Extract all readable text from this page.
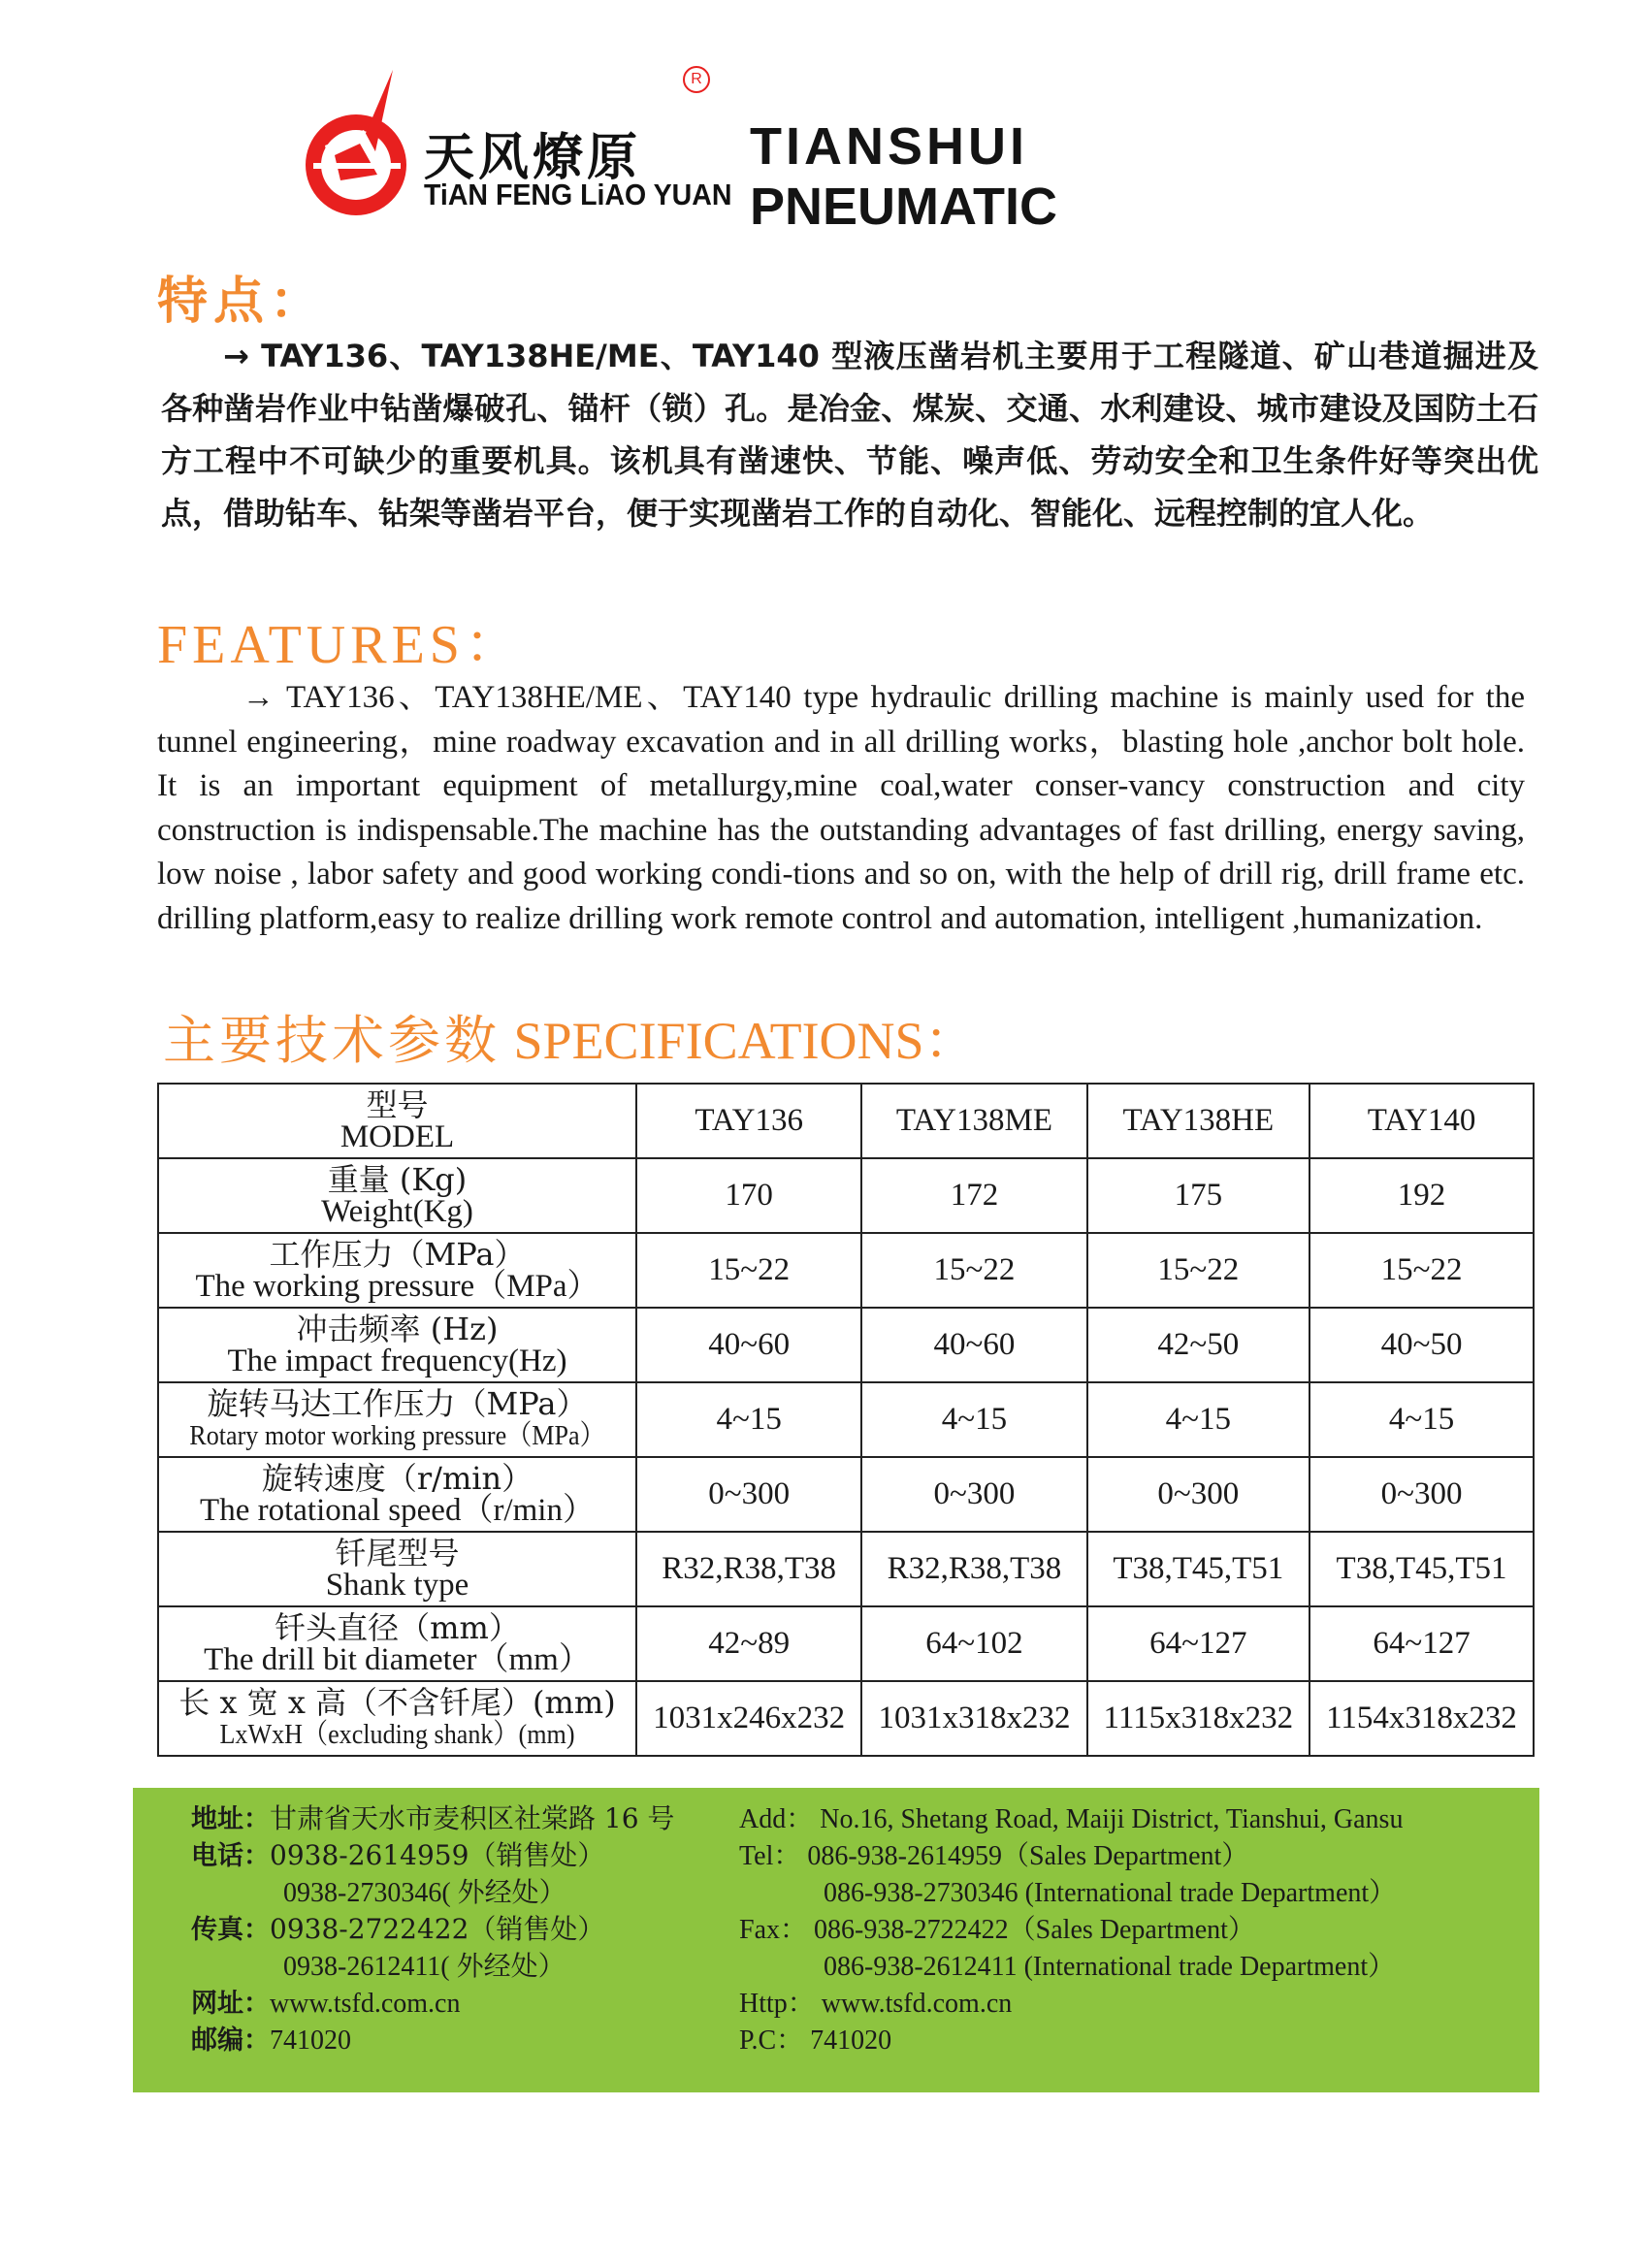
天风燎原
TiAN FENG LiAO YUAN
R
TIANSHUI
PNEUMATIC
特点：
→ TAY136、TAY138HE/ME、TAY140 型液压凿岩机主要用于工程隧道、矿山巷道掘进及各种凿岩作业中钻凿爆破孔、锚杆（锁）孔。是冶金、煤炭、交通、水利建设、城市建设及国防土石方工程中不可缺少的重要机具。该机具有凿速快、节能、噪声低、劳动安全和卫生条件好等突出优点，借助钻车、钻架等凿岩平台，便于实现凿岩工作的自动化、智能化、远程控制的宜人化。
FEATURES：
→ TAY136、TAY138HE/ME、TAY140 type hydraulic drilling machine is mainly used for the tunnel engineering，mine roadway excavation and in all drilling works，blasting hole ,anchor bolt hole. It is an important equipment of metallurgy,mine coal,water conser-vancy construction and city construction is indispensable.The machine has the outstanding advantages of fast drilling, energy saving, low noise , labor safety and good working condi-tions and so on, with the help of drill rig, drill frame etc. drilling platform,easy to realize drilling work remote control and automation, intelligent ,humanization.
主要技术参数 SPECIFICATIONS：
型号
MODEL	TAY136	TAY138ME	TAY138HE	TAY140

重量 (Kg)
Weight(Kg)	170	172	175	192

工作压力（MPa）
The working pressure（MPa）	15~22	15~22	15~22	15~22

冲击频率 (Hz)
The impact frequency(Hz)	40~60	40~60	42~50	40~50

旋转马达工作压力（MPa）
Rotary motor working pressure（MPa）	4~15	4~15	4~15	4~15

旋转速度（r/min）
The rotational speed（r/min）	0~300	0~300	0~300	0~300

钎尾型号
Shank type	R32,R38,T38	R32,R38,T38	T38,T45,T51	T38,T45,T51

钎头直径（mm）
The drill bit diameter（mm）	42~89	64~102	64~127	64~127

长 x 宽 x 高（不含钎尾）(mm)
LxWxH（excluding shank）(mm)	1031x246x232	1031x318x232	1115x318x232	1154x318x232
地址：甘肃省天水市麦积区社棠路 16 号
电话：0938-2614959（销售处）
0938-2730346( 外经处）
传真：0938-2722422（销售处）
0938-2612411( 外经处）
网址：www.tsfd.com.cn
邮编：741020
Add： No.16, Shetang Road, Maiji District, Tianshui, Gansu
Tel： 086-938-2614959（Sales Department）
086-938-2730346 (International trade Department）
Fax： 086-938-2722422（Sales Department）
086-938-2612411 (International trade Department）
Http： www.tsfd.com.cn
P.C： 741020
